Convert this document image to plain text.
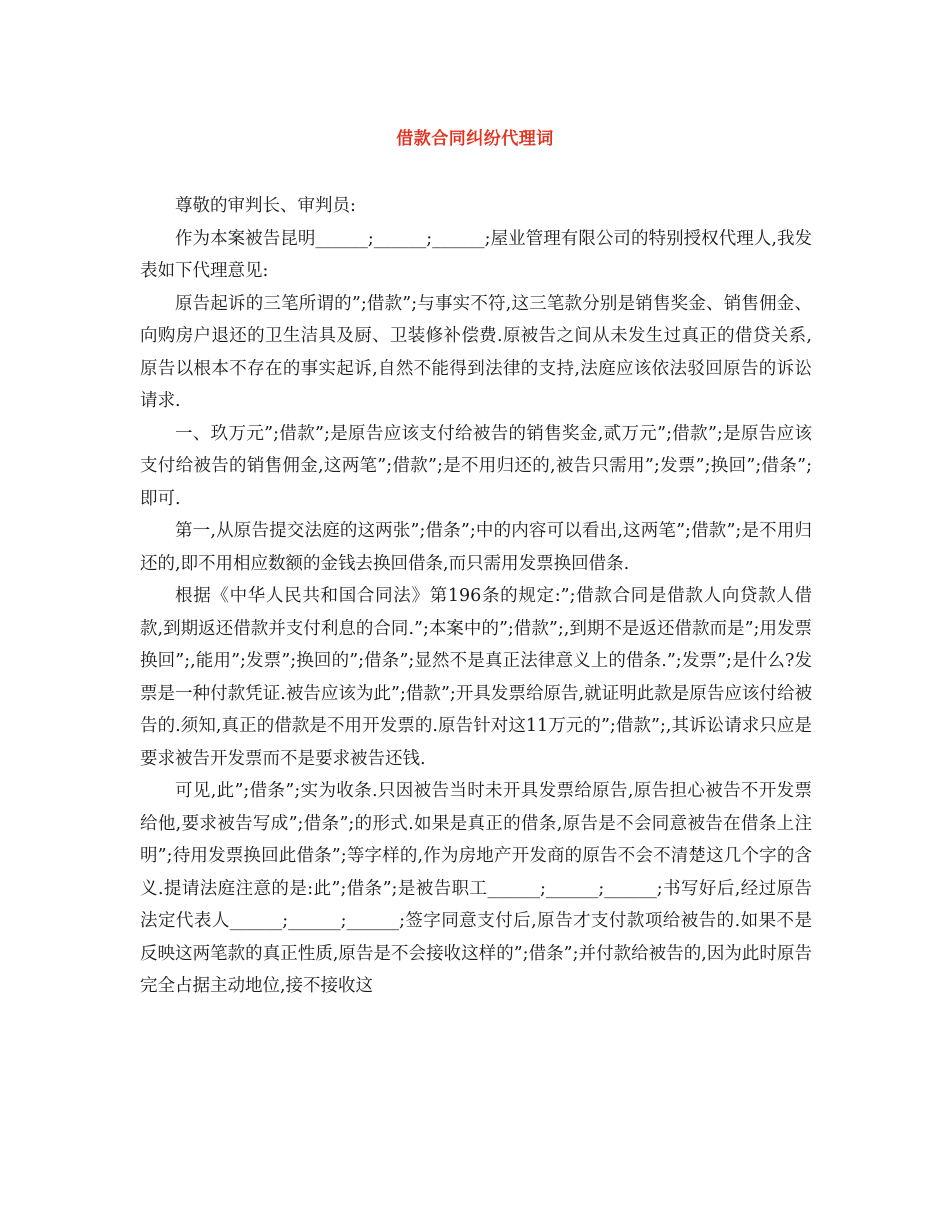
借款合同纠纷代理词

尊敬的审判长、审判员:

作为本案被告昆明______;______;______;屋业管理有限公司的特别授权代理人,我发表如下代理意见:

原告起诉的三笔所谓的”;借款”;与事实不符,这三笔款分别是销售奖金、销售佣金、向购房户退还的卫生洁具及厨、卫装修补偿费.原被告之间从未发生过真正的借贷关系,原告以根本不存在的事实起诉,自然不能得到法律的支持,法庭应该依法驳回原告的诉讼请求.

一、玖万元”;借款”;是原告应该支付给被告的销售奖金,贰万元”;借款”;是原告应该支付给被告的销售佣金,这两笔”;借款”;是不用归还的,被告只需用”;发票”;换回”;借条”;即可.

第一,从原告提交法庭的这两张”;借条”;中的内容可以看出,这两笔”;借款”;是不用归还的,即不用相应数额的金钱去换回借条,而只需用发票换回借条.

根据《中华人民共和国合同法》第196条的规定:”;借款合同是借款人向贷款人借款,到期返还借款并支付利息的合同.”;本案中的”;借款”;,到期不是返还借款而是”;用发票换回”;,能用”;发票”;换回的”;借条”;显然不是真正法律意义上的借条.”;发票”;是什么?发票是一种付款凭证.被告应该为此”;借款”;开具发票给原告,就证明此款是原告应该付给被告的.须知,真正的借款是不用开发票的.原告针对这11万元的”;借款”;,其诉讼请求只应是要求被告开发票而不是要求被告还钱.

可见,此”;借条”;实为收条.只因被告当时未开具发票给原告,原告担心被告不开发票给他,要求被告写成”;借条”;的形式.如果是真正的借条,原告是不会同意被告在借条上注明”;待用发票换回此借条”;等字样的,作为房地产开发商的原告不会不清楚这几个字的含义.提请法庭注意的是:此”;借条”;是被告职工______;______;______;书写好后,经过原告法定代表人______;______;______;签字同意支付后,原告才支付款项给被告的.如果不是反映这两笔款的真正性质,原告是不会接收这样的”;借条”;并付款给被告的,因为此时原告完全占据主动地位,接不接收这
